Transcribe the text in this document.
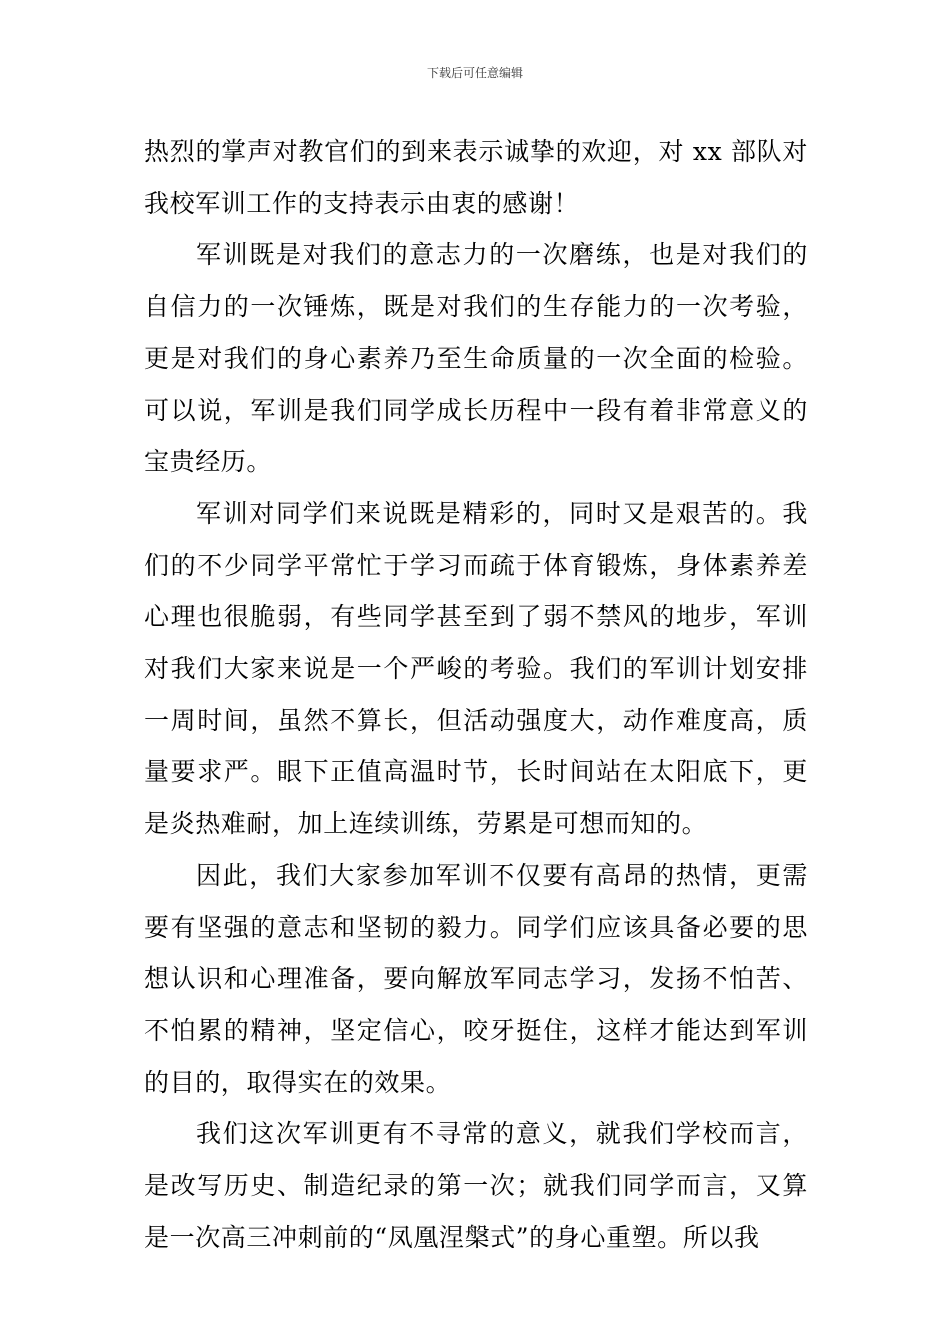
下载后可任意编辑

热烈的掌声对教官们的到来表示诚挚的欢迎，对 xx 部队对我校军训工作的支持表示由衷的感谢！

军训既是对我们的意志力的一次磨练，也是对我们的自信力的一次锤炼，既是对我们的生存能力的一次考验，更是对我们的身心素养乃至生命质量的一次全面的检验。可以说，军训是我们同学成长历程中一段有着非常意义的宝贵经历。

军训对同学们来说既是精彩的，同时又是艰苦的。我们的不少同学平常忙于学习而疏于体育锻炼，身体素养差心理也很脆弱，有些同学甚至到了弱不禁风的地步，军训对我们大家来说是一个严峻的考验。我们的军训计划安排一周时间，虽然不算长，但活动强度大，动作难度高，质量要求严。眼下正值高温时节，长时间站在太阳底下，更是炎热难耐，加上连续训练，劳累是可想而知的。

因此，我们大家参加军训不仅要有高昂的热情，更需要有坚强的意志和坚韧的毅力。同学们应该具备必要的思想认识和心理准备，要向解放军同志学习，发扬不怕苦、不怕累的精神，坚定信心，咬牙挺住，这样才能达到军训的目的，取得实在的效果。

我们这次军训更有不寻常的意义，就我们学校而言，是改写历史、制造纪录的第一次；就我们同学而言，又算是一次高三冲刺前的“凤凰涅槃式”的身心重塑。所以我
